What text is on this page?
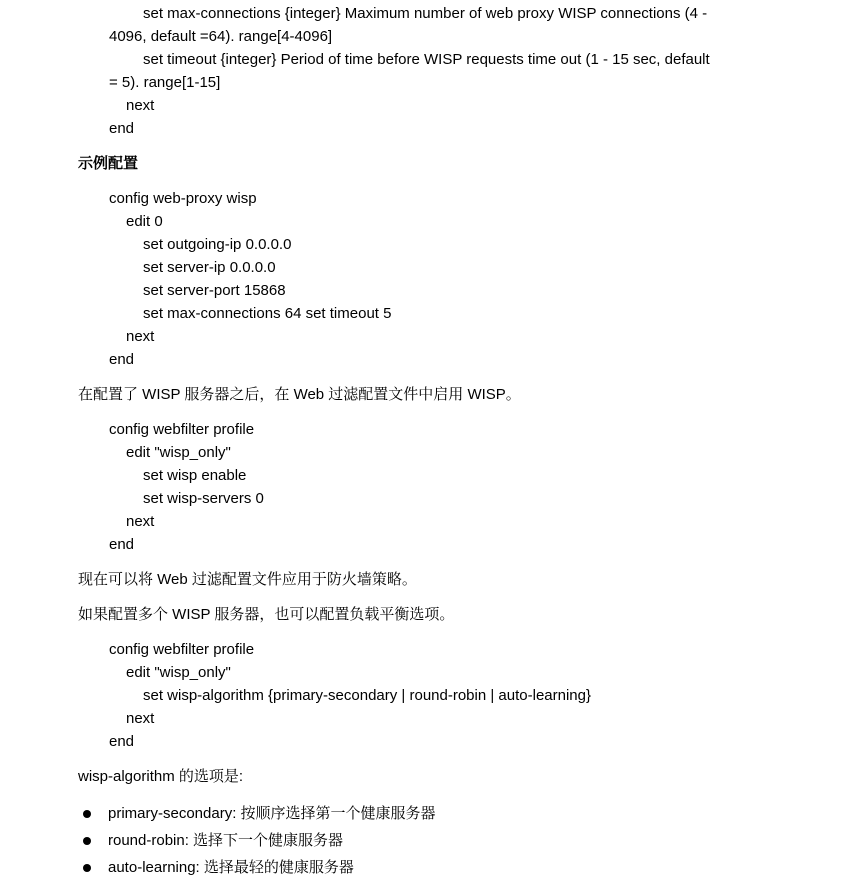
set max-connections {integer} Maximum number of web proxy WISP connections (4 -
4096, default =64). range[4-4096]
set timeout {integer} Period of time before WISP requests time out (1 - 15 sec, default
= 5). range[1-15]
next
end
示例配置
config web-proxy wisp
edit 0
set outgoing-ip 0.0.0.0
set server-ip 0.0.0.0
set server-port 15868
set max-connections 64 set timeout 5
next
end
在配置了 WISP 服务器之后，在 Web 过滤配置文件中启用 WISP。
config webfilter profile
edit "wisp_only"
set wisp enable
set wisp-servers 0
next
end
现在可以将 Web 过滤配置文件应用于防火墙策略。
如果配置多个 WISP 服务器，也可以配置负载平衡选项。
config webfilter profile
edit "wisp_only"
set wisp-algorithm {primary-secondary | round-robin | auto-learning}
next
end
wisp-algorithm 的选项是:
primary-secondary: 按顺序选择第一个健康服务器
round-robin: 选择下一个健康服务器
auto-learning: 选择最轻的健康服务器
